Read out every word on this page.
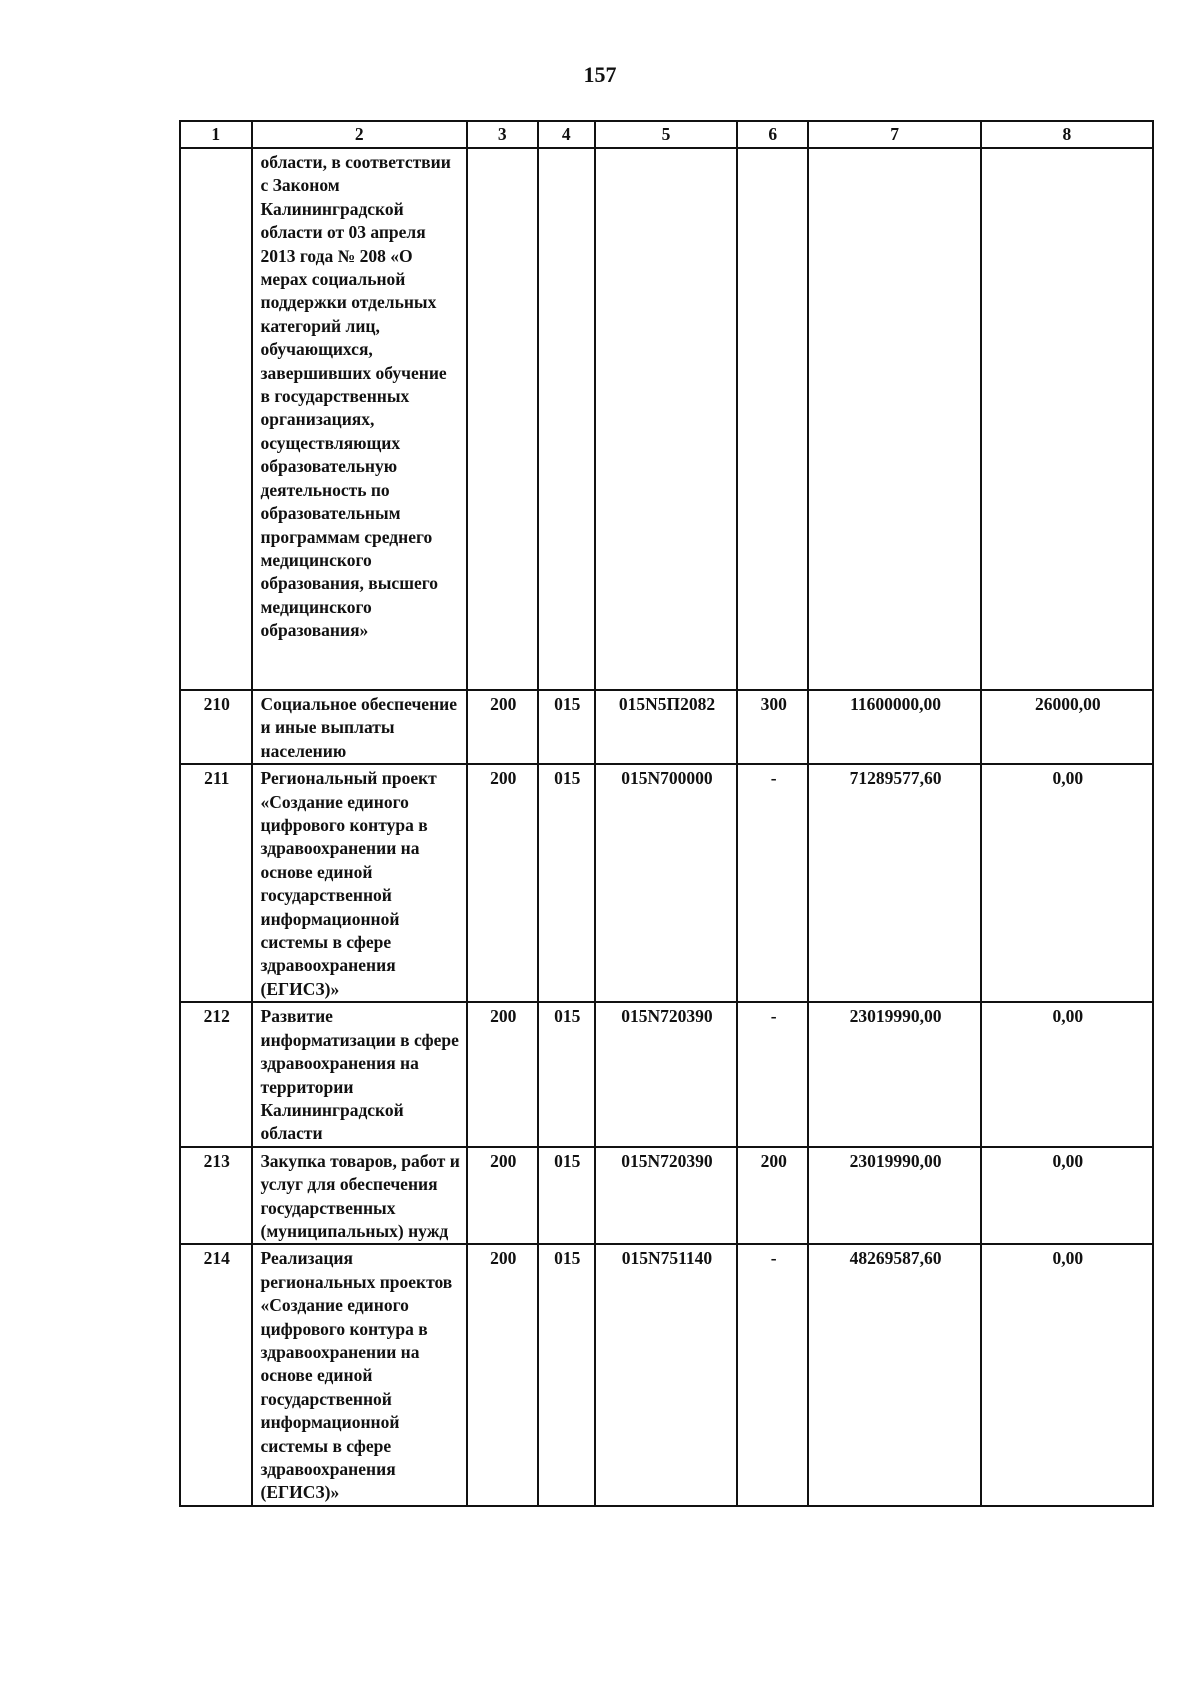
157
1	2	3	4	5	6	7	8
	области, в соответствии с Законом Калининградской области от 03 апреля 2013 года № 208 «О мерах социальной поддержки отдельных категорий лиц, обучающихся, завершивших обучение в государственных организациях, осуществляющих образовательную деятельность по образовательным программам среднего медицинского образования, высшего медицинского образования»						
210	Социальное обеспечение и иные выплаты населению	200	015	015N5П2082	300	11600000,00	26000,00
211	Региональный проект «Создание единого цифрового контура в здравоохранении на основе единой государственной информационной системы в сфере здравоохранения (ЕГИСЗ)»	200	015	015N700000	-	71289577,60	0,00
212	Развитие информатизации в сфере здравоохранения на территории Калининградской области	200	015	015N720390	-	23019990,00	0,00
213	Закупка товаров, работ и услуг для обеспечения государственных (муниципальных) нужд	200	015	015N720390	200	23019990,00	0,00
214	Реализация региональных проектов «Создание единого цифрового контура в здравоохранении на основе единой государственной информационной системы в сфере здравоохранения (ЕГИСЗ)»	200	015	015N751140	-	48269587,60	0,00
